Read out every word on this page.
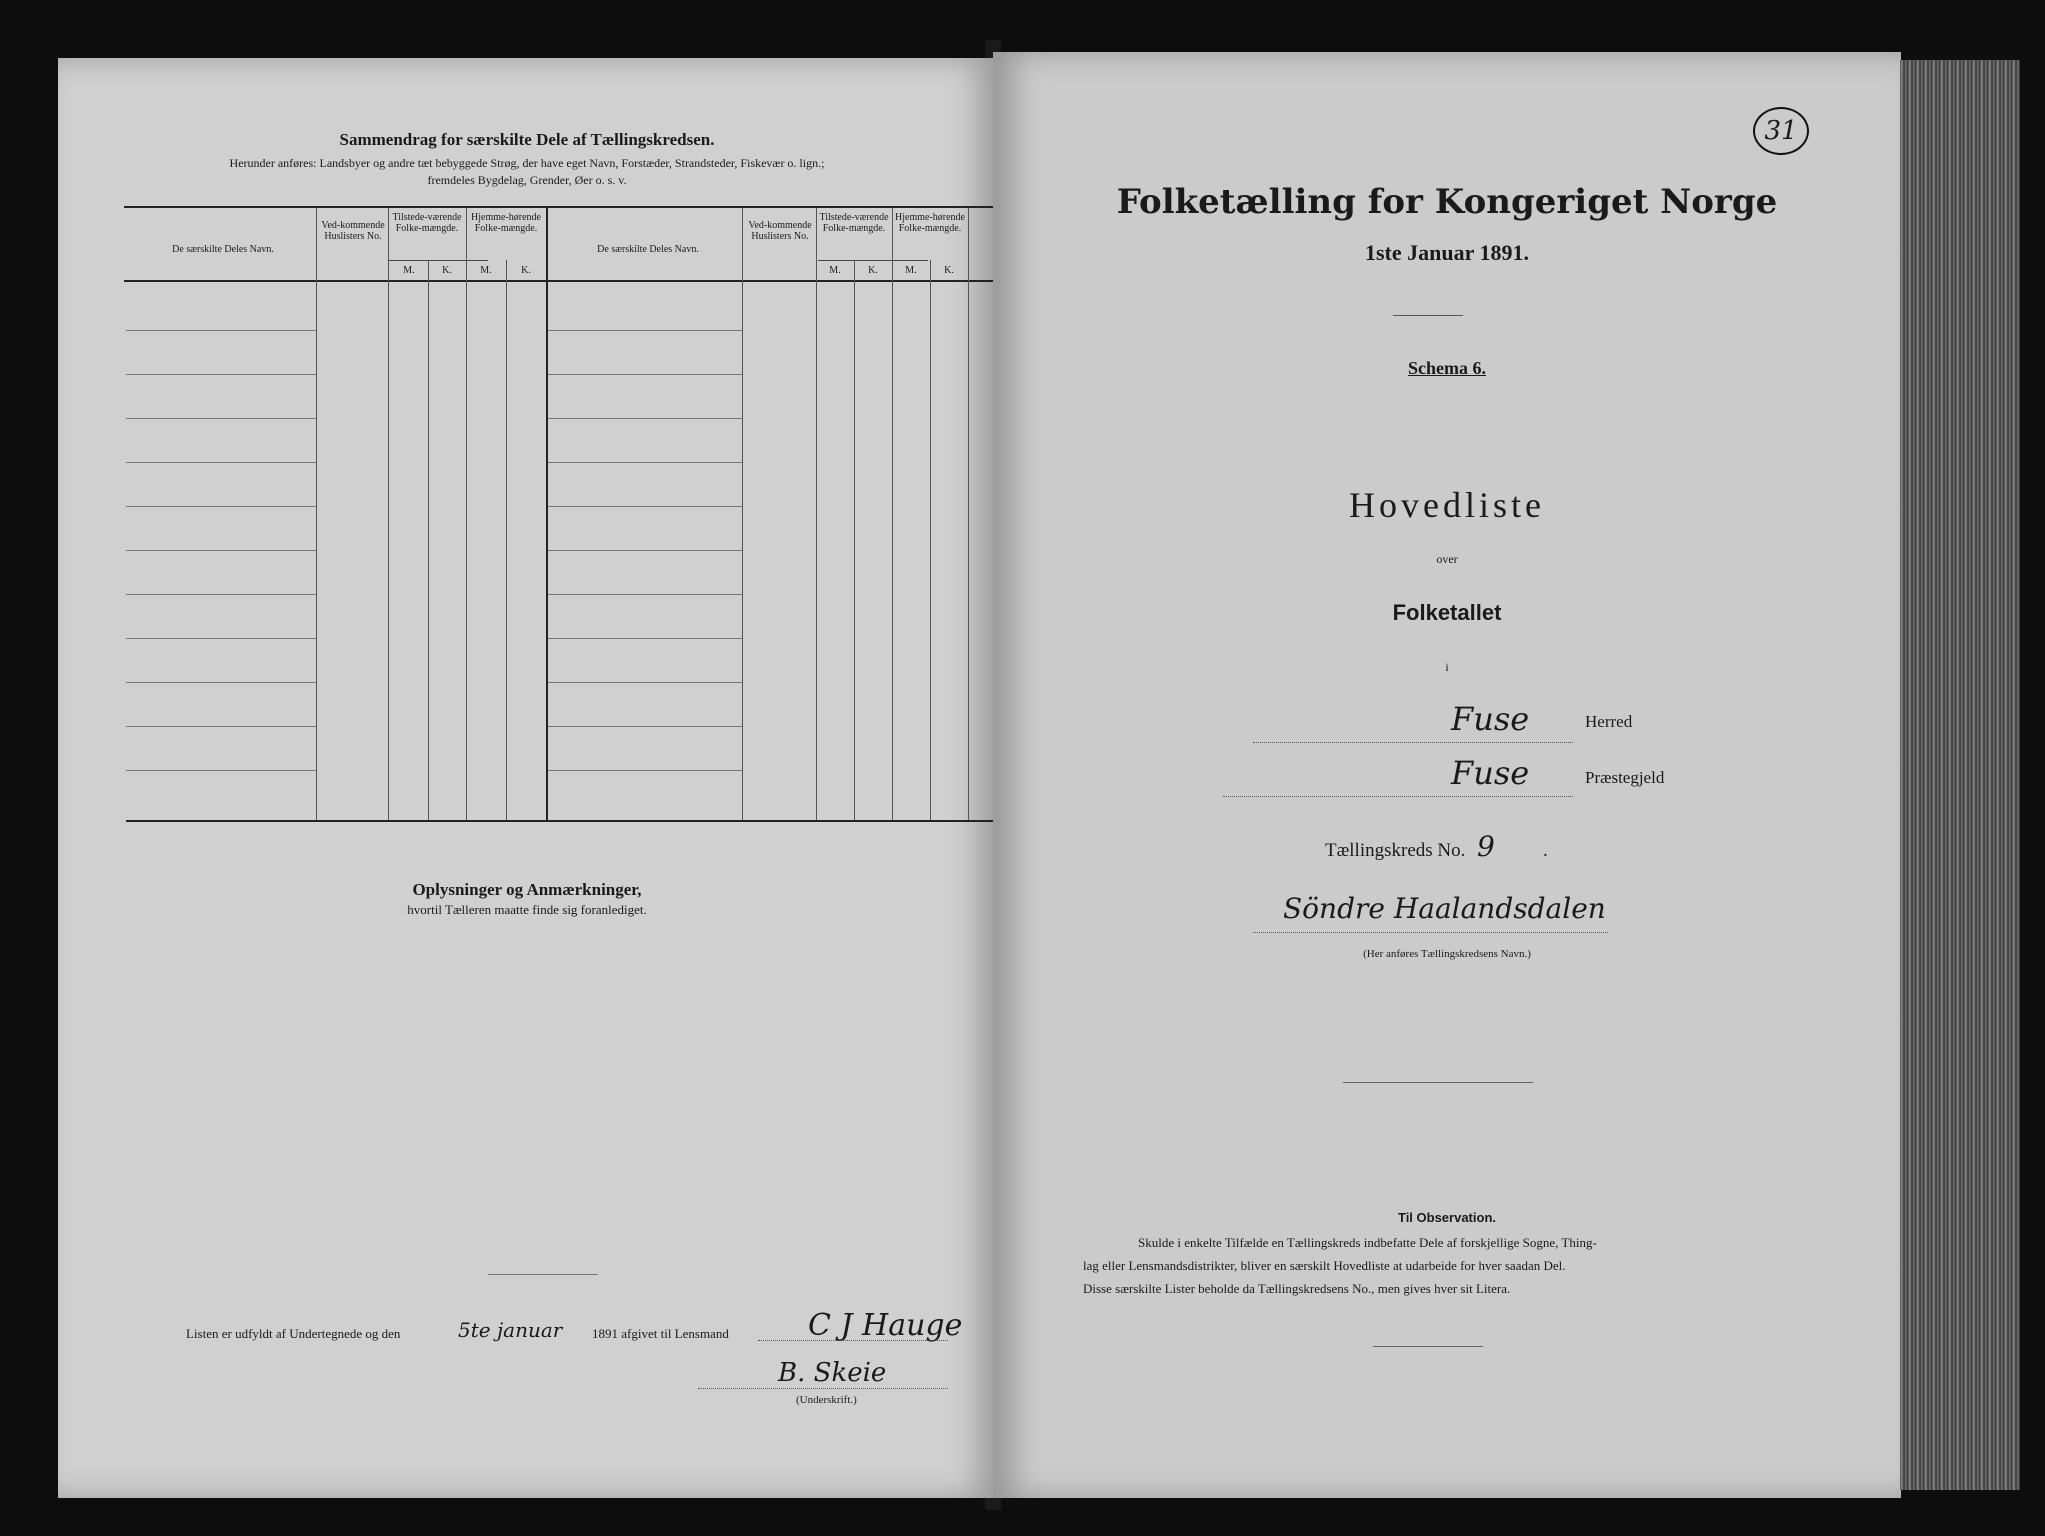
Sammendrag for særskilte Dele af Tællingskredsen.
Herunder anføres: Landsbyer og andre tæt bebyggede Strøg, der have eget Navn, Forstæder, Strandsteder, Fiskevær o. lign.;
fremdeles Bygdelag, Grender, Øer o. s. v.
De særskilte Deles Navn.
Ved-kommende Huslisters No.
Tilstede-værende Folke-mængde.
Hjemme-hørende Folke-mængde.
M.	K.	M.	K.
De særskilte Deles Navn.
Ved-kommende Huslisters No.
Tilstede-værende Folke-mængde.
Hjemme-hørende Folke-mængde.
M.	K.	M.	K.
Oplysninger og Anmærkninger,
hvortil Tælleren maatte finde sig foranlediget.
Listen er udfyldt af Undertegnede og den	5te januar 1891 afgivet til Lensmand	C J Hauge
B. Skeie
(Underskrift.)
31
Folketælling for Kongeriget Norge
1ste Januar 1891.
Schema 6.
Hovedliste
over
Folketallet
i
Fuse	Herred
Fuse	Præstegjeld
Tællingskreds No. 9	.
Söndre Haalandsdalen
(Her anføres Tællingskredsens Navn.)
Til Observation.
Skulde i enkelte Tilfælde en Tællingskreds indbefatte Dele af forskjellige Sogne, Thing-
lag eller Lensmandsdistrikter, bliver en særskilt Hovedliste at udarbeide for hver saadan Del.
Disse særskilte Lister beholde da Tællingskredsens No., men gives hver sit Litera.
